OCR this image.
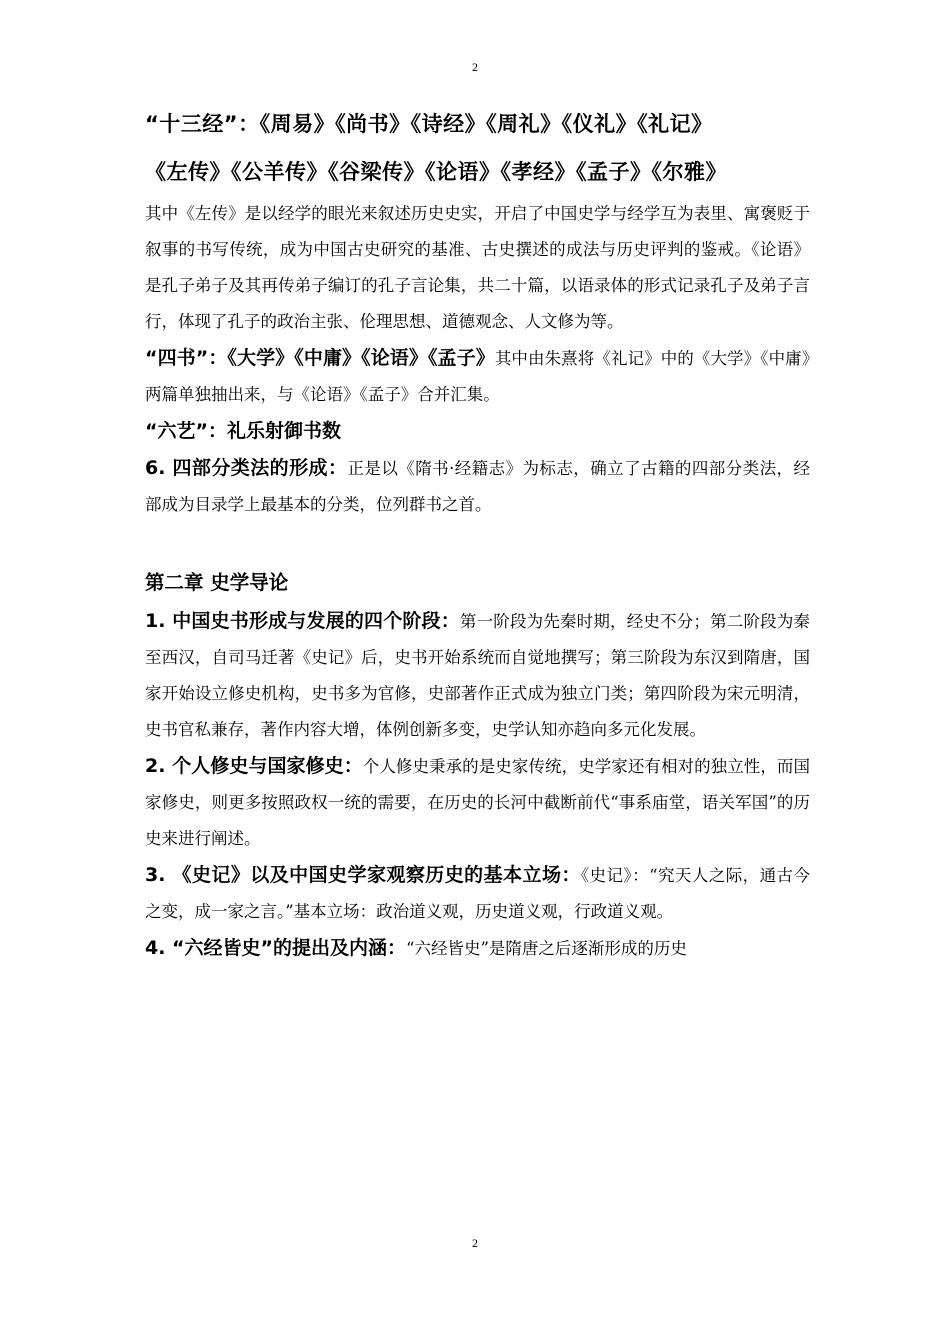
2
“十三经”：《周易》《尚书》《诗经》《周礼》《仪礼》《礼记》
《左传》《公羊传》《谷梁传》《论语》《孝经》《孟子》《尔雅》

其中《左传》是以经学的眼光来叙述历史史实，开启了中国史学与经学互为表里、寓褒贬于叙事的书写传统，成为中国古史研究的基准、古史撰述的成法与历史评判的鉴戒。《论语》是孔子弟子及其再传弟子编订的孔子言论集，共二十篇，以语录体的形式记录孔子及弟子言行，体现了孔子的政治主张、伦理思想、道德观念、人文修为等。

“四书”：《大学》《中庸》《论语》《孟子》其中由朱熹将《礼记》中的《大学》《中庸》两篇单独抽出来，与《论语》《孟子》合并汇集。

“六艺”：礼乐射御书数

6. 四部分类法的形成：正是以《隋书·经籍志》为标志，确立了古籍的四部分类法，经部成为目录学上最基本的分类，位列群书之首。

第二章 史学导论

1. 中国史书形成与发展的四个阶段：第一阶段为先秦时期，经史不分；第二阶段为秦至西汉，自司马迁著《史记》后，史书开始系统而自觉地撰写；第三阶段为东汉到隋唐，国家开始设立修史机构，史书多为官修，史部著作正式成为独立门类；第四阶段为宋元明清，史书官私兼存，著作内容大增，体例创新多变，史学认知亦趋向多元化发展。

2. 个人修史与国家修史：个人修史秉承的是史家传统，史学家还有相对的独立性，而国家修史，则更多按照政权一统的需要，在历史的长河中截断前代“事系庙堂，语关军国”的历史来进行阐述。

3. 《史记》以及中国史学家观察历史的基本立场：《史记》：“究天人之际，通古今之变，成一家之言。”基本立场：政治道义观，历史道义观，行政道义观。

4. “六经皆史”的提出及内涵：“六经皆史”是隋唐之后逐渐形成的历史

2
